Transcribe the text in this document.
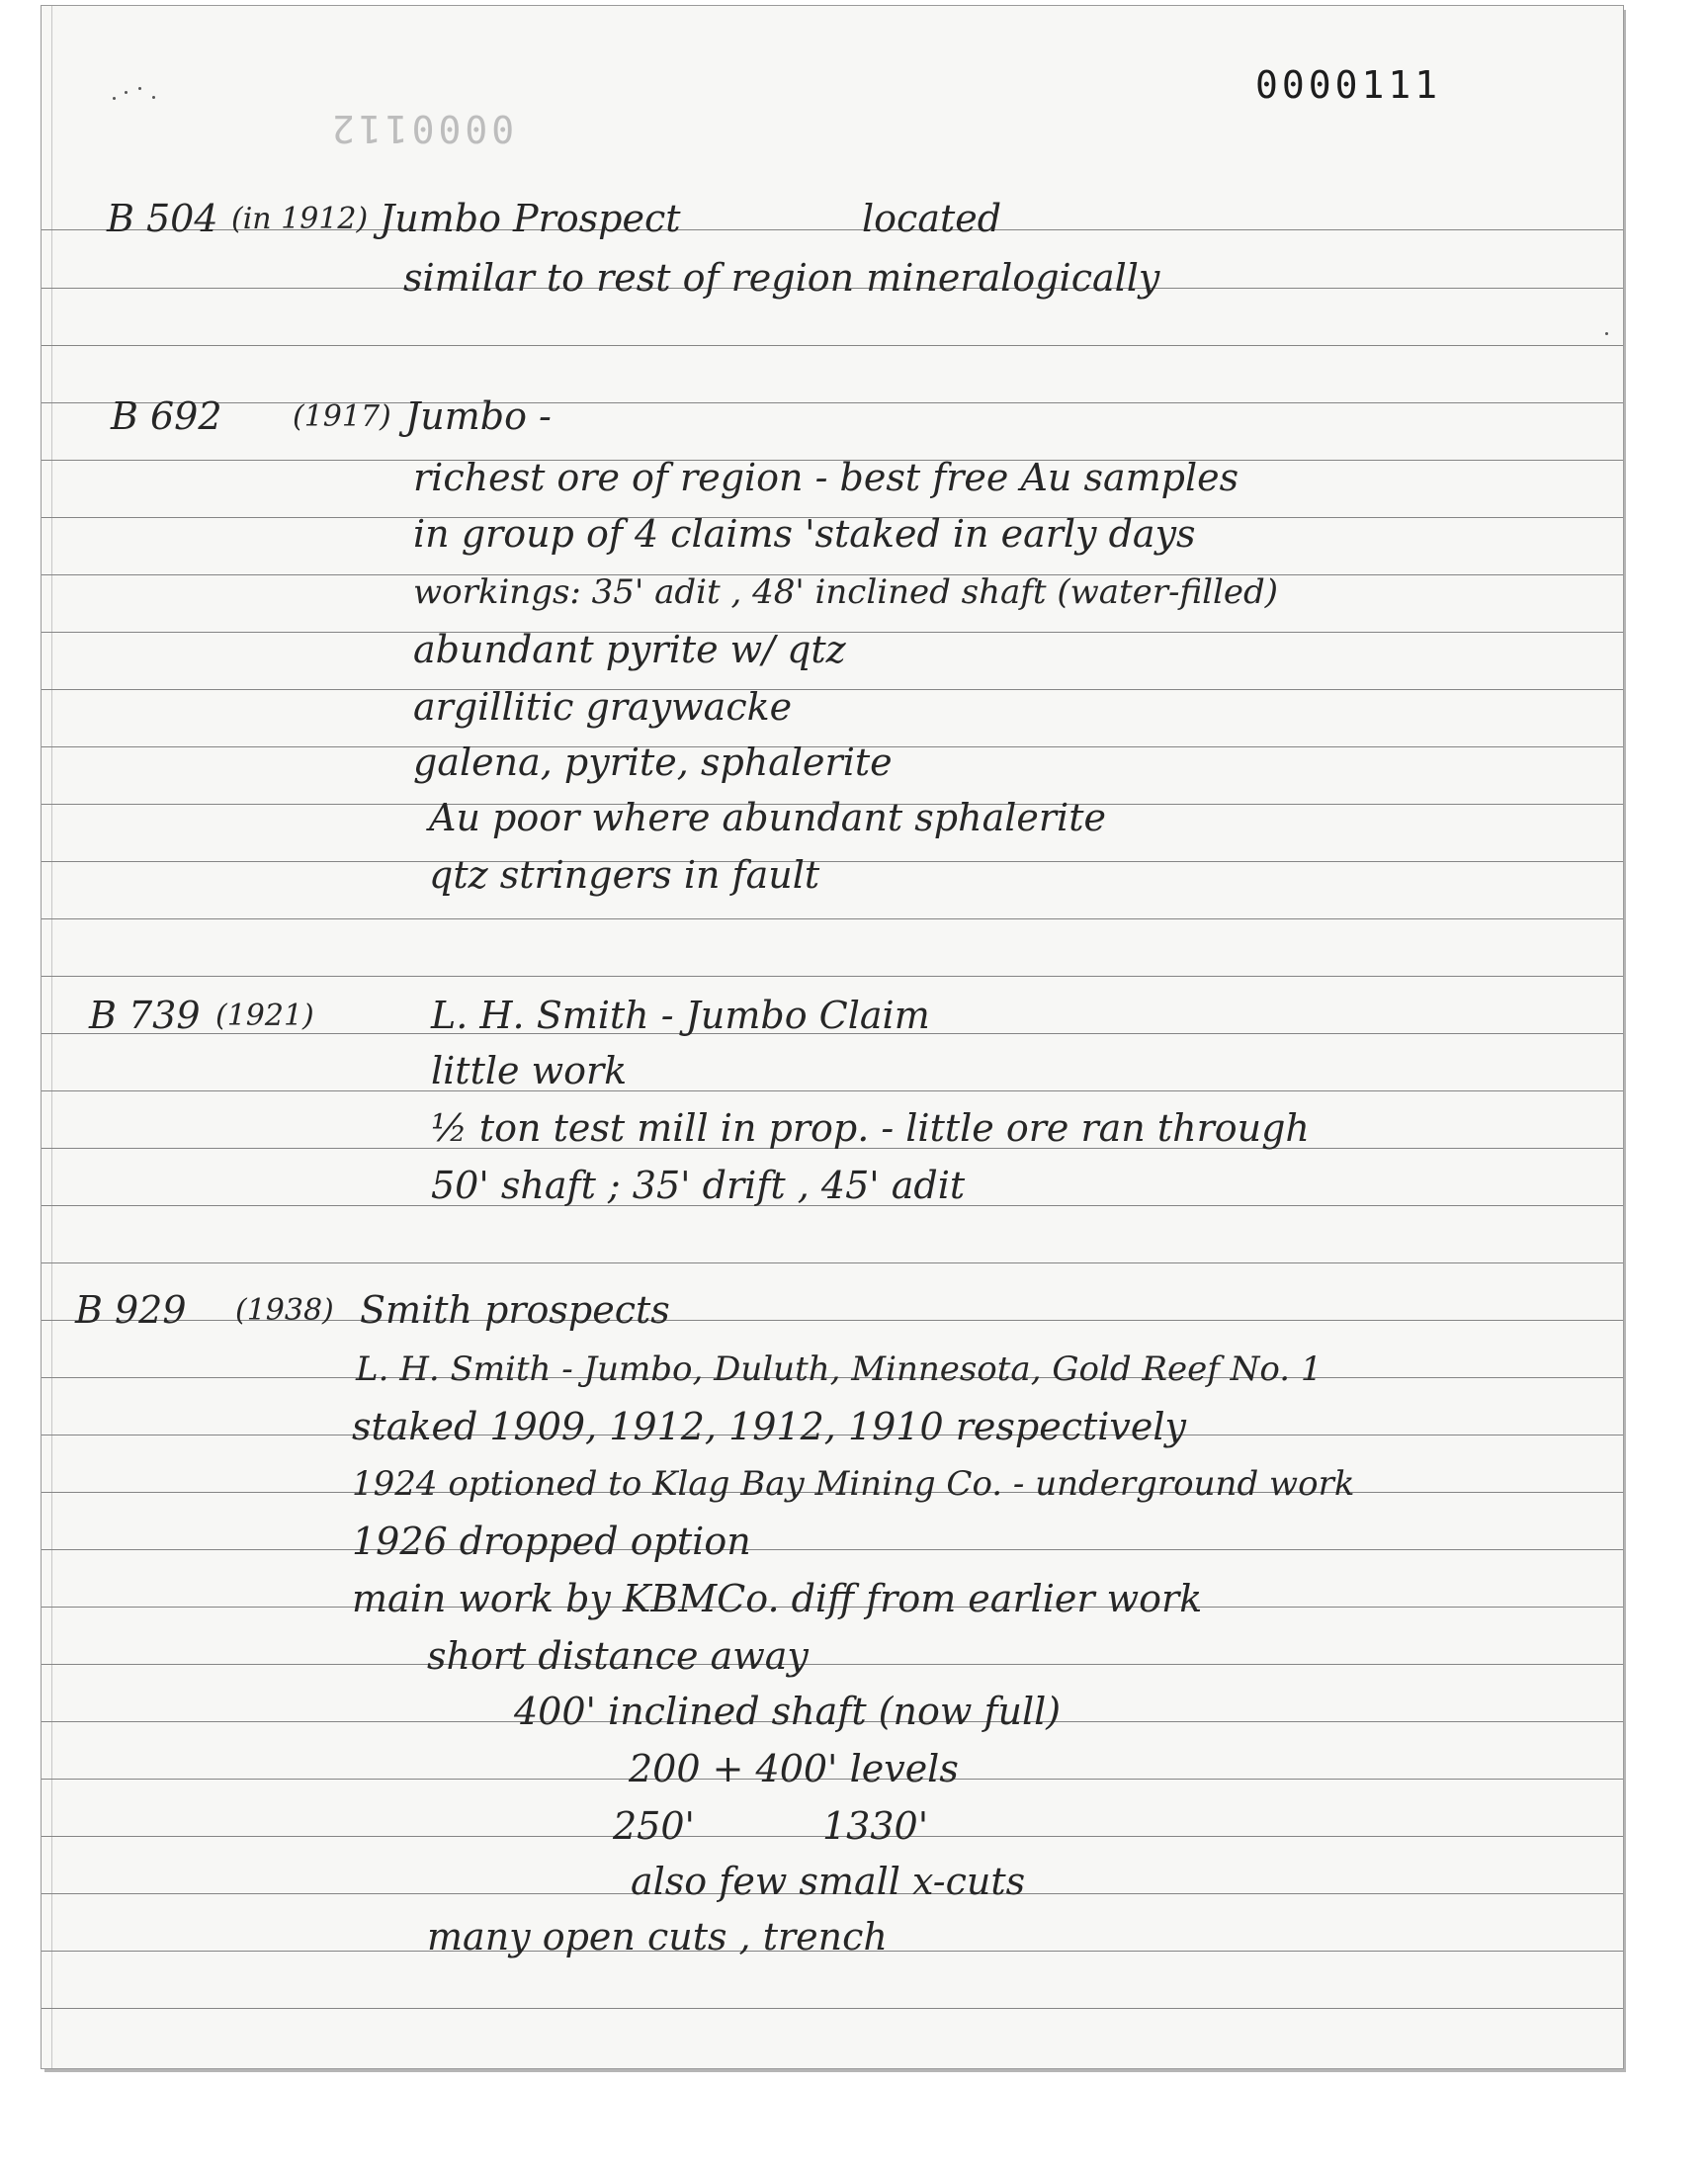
0000111
0000112
B 504 (in 1912) Jumbo Prospect	located
similar to rest of region mineralogically
B 692 (1917) Jumbo -
richest ore of region - best free Au samples
in group of 4 claims 'staked in early days
workings: 35' adit , 48' inclined shaft (water-filled)
abundant pyrite w/ qtz
argillitic graywacke
galena, pyrite, sphalerite
Au poor where abundant sphalerite
qtz stringers in fault
B 739 (1921)	L. H. Smith - Jumbo Claim
little work
½ ton test mill in prop. - little ore ran through
50' shaft ; 35' drift , 45' adit
B 929 (1938) Smith prospects
L. H. Smith - Jumbo, Duluth, Minnesota, Gold Reef No. 1
staked 1909, 1912, 1912, 1910 respectively
1924 optioned to Klag Bay Mining Co. - underground work
1926 dropped option
main work by KBMCo. diff from earlier work
short distance away
400' inclined shaft (now full)
200 + 400' levels
250'	1330'
also few small x-cuts
many open cuts , trench
